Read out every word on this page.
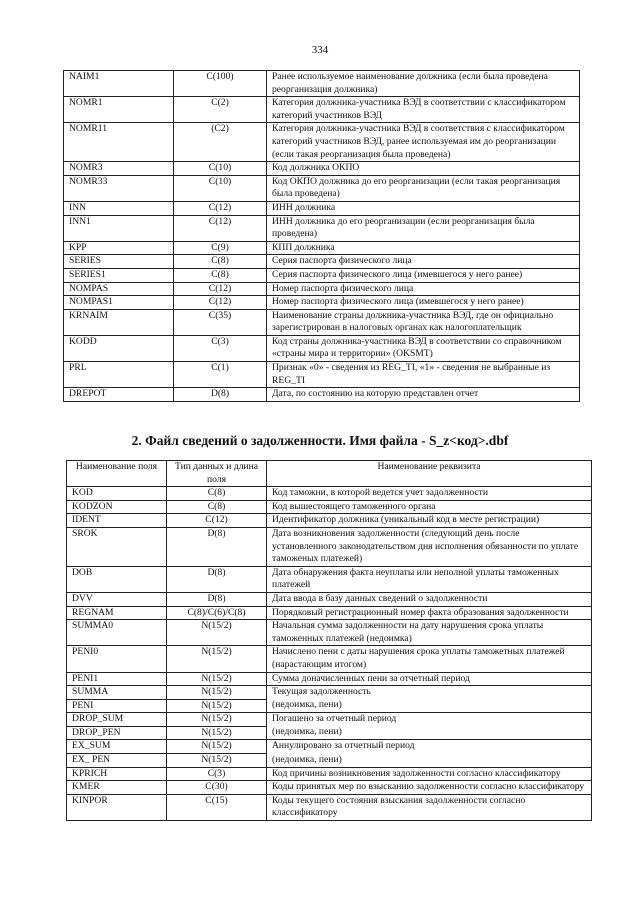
334
NAIM1	C(100)	Ранее используемое наименование должника (если была проведена реорганизация должника)
NOMR1	C(2)	Категория должника-участника ВЭД в соответствии с классификатором категорий участников ВЭД
NOMR11	(C2)	Категория должника-участника ВЭД в соответствия с классификатором категорий участников ВЭД, ранее используемая им до реорганизации (если такая реорганизация была проведена)
NOMR3	C(10)	Код должника ОКПО
NOMR33	C(10)	Код ОКПО должника до его реорганизации (если такая реорганизация была проведена)
INN	C(12)	ИНН должника
INN1	C(12)	ИНН должника до его реорганизации (если реорганизация была проведена)
KPP	C(9)	КПП должника
SERIES	C(8)	Серия паспорта физического лица
SERIES1	C(8)	Серия паспорта физического лица (имевшегося у него ранее)
NOMPAS	C(12)	Номер паспорта физического лица
NOMPAS1	C(12)	Номер паспорта физического лица (имевшегося у него ранее)
KRNAIM	C(35)	Наименование страны должника-участника ВЭД, где он официально зарегистрирован в налоговых органах как налогоплательщик
KODD	C(3)	Код страны должника-участника ВЭД в соответствии со справочником «страны мира и территории» (OKSMT)
PRL	C(1)	Признак «0» - сведения из REG_TI, «1» - сведения не выбранные из REG_TI
DREPOT	D(8)	Дата, по состоянию на которую представлен отчет
2. Файл сведений о задолженности. Имя файла - S_z<код>.dbf
Наименование поля	Тип данных и длина поля	Наименование реквизита
KOD	C(8)	Код таможни, в которой ведется учет задолженности
KODZON	C(8)	Код вышестоящего таможенного органа
IDENT	C(12)	Идентификатор должника (уникальный код в месте регистрации)
SROK	D(8)	Дата возникновения задолженности (следующий день после установленного законодательством дня исполнения обязанности по уплате таможеных платежей)
DOB	D(8)	Дата обнаружения факта неуплаты или неполной уплаты таможенных платежей
DVV	D(8)	Дата ввода в базу данных сведений о задолженности
REGNAM	C(8)/C(6)/C(8)	Порядковый регистрационный номер факта образования задолженности
SUMMA0	N(15/2)	Начальная сумма задолженности на дату нарушения срока уплаты таможенных платежей (недоимка)
PENI0	N(15/2)	Начислено пени с даты нарушения срока уплаты таможетных платежей (нарастающим итогом)
PENI1	N(15/2)	Сумма доначисленных пени за отчетный период
SUMMA	N(15/2)	Текущая задолженность
PENI	N(15/2)	(недоимка, пени)
DROP_SUM	N(15/2)	Погашено за отчетный период
DROP_PEN	N(15/2)	(недоимка, пени)
EX_SUM	N(15/2)	Аннулировано за отчетный период
EX_ PEN	N(15/2)	(недоимка, пени)
KPRICH	C(3)	Код причины возникновения задолженности согласно классификатору
KMER	C(30)	Коды принятых мер по взысканию задолженности согласно классификатору
KINPOR	C(15)	Коды текущего состояния взыскания задолженности согласно классификатору
